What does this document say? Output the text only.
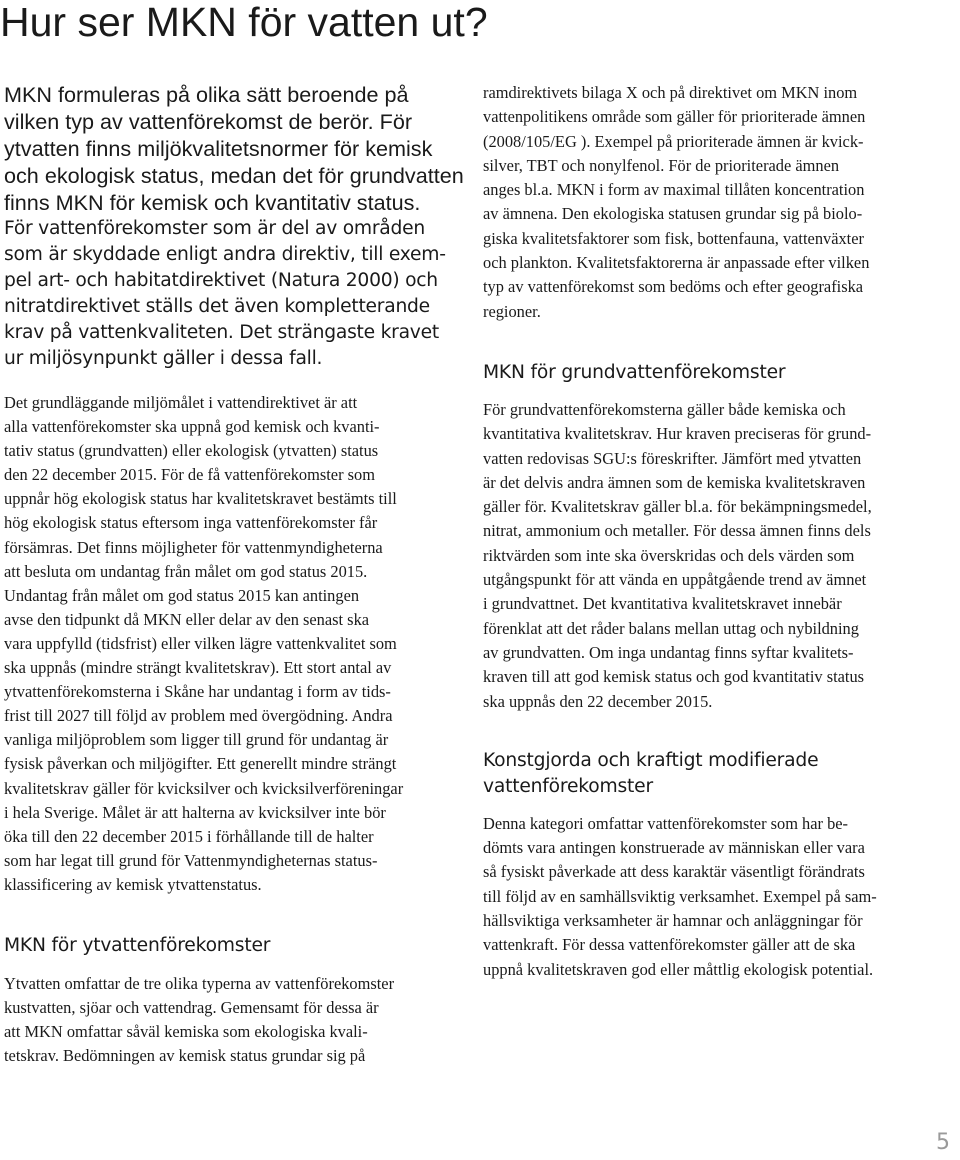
Hur ser MKN för vatten ut?
MKN formuleras på olika sätt beroende på
vilken typ av vattenförekomst de berör. För
ytvatten finns miljökvalitetsnormer för kemisk
och ekologisk status, medan det för grundvatten
finns MKN för kemisk och kvantitativ status.
För vattenförekomster som är del av områden
som är skyddade enligt andra direktiv, till exem-
pel art- och habitatdirektivet (Natura 2000) och
nitratdirektivet ställs det även kompletterande
krav på vattenkvaliteten. Det strängaste kravet
ur miljösynpunkt gäller i dessa fall.
Det grundläggande miljömålet i vattendirektivet är att
alla vattenförekomster ska uppnå god kemisk och kvanti-
tativ status (grundvatten) eller ekologisk (ytvatten) status
den 22 december 2015. För de få vattenförekomster som
uppnår hög ekologisk status har kvalitetskravet bestämts till
hög ekologisk status eftersom inga vattenförekomster får
försämras. Det finns möjligheter för vattenmyndigheterna
att besluta om undantag från målet om god status 2015.
Undantag från målet om god status 2015 kan antingen
avse den tidpunkt då MKN eller delar av den senast ska
vara uppfylld (tidsfrist) eller vilken lägre vattenkvalitet som
ska uppnås (mindre strängt kvalitetskrav). Ett stort antal av
ytvattenförekomsterna i Skåne har undantag i form av tids-
frist till 2027 till följd av problem med övergödning. Andra
vanliga miljöproblem som ligger till grund för undantag är
fysisk påverkan och miljögifter. Ett generellt mindre strängt
kvalitetskrav gäller för kvicksilver och kvicksilverföreningar
i hela Sverige. Målet är att halterna av kvicksilver inte bör
öka till den 22 december 2015 i förhållande till de halter
som har legat till grund för Vattenmyndigheternas status-
klassificering av kemisk ytvattenstatus.
MKN för ytvattenförekomster
Ytvatten omfattar de tre olika typerna av vattenförekomster
kustvatten, sjöar och vattendrag. Gemensamt för dessa är
att MKN omfattar såväl kemiska som ekologiska kvali-
tetskrav. Bedömningen av kemisk status grundar sig på
ramdirektivets bilaga X och på direktivet om MKN inom
vattenpolitikens område som gäller för prioriterade ämnen
(2008/105/EG ). Exempel på prioriterade ämnen är kvick-
silver, TBT och nonylfenol. För de prioriterade ämnen
anges bl.a. MKN i form av maximal tillåten koncentration
av ämnena. Den ekologiska statusen grundar sig på biolo-
giska kvalitetsfaktorer som fisk, bottenfauna, vattenväxter
och plankton. Kvalitetsfaktorerna är anpassade efter vilken
typ av vattenförekomst som bedöms och efter geografiska
regioner.
MKN för grundvattenförekomster
För grundvattenförekomsterna gäller både kemiska och
kvantitativa kvalitetskrav. Hur kraven preciseras för grund-
vatten redovisas SGU:s föreskrifter. Jämfört med ytvatten
är det delvis andra ämnen som de kemiska kvalitetskraven
gäller för. Kvalitetskrav gäller bl.a. för bekämpningsmedel,
nitrat, ammonium och metaller. För dessa ämnen finns dels
riktvärden som inte ska överskridas och dels värden som
utgångspunkt för att vända en uppåtgående trend av ämnet
i grundvattnet. Det kvantitativa kvalitetskravet innebär
förenklat att det råder balans mellan uttag och nybildning
av grundvatten. Om inga undantag finns syftar kvalitets-
kraven till att god kemisk status och god kvantitativ status
ska uppnås den 22 december 2015.
Konstgjorda och kraftigt modifierade
vattenförekomster
Denna kategori omfattar vattenförekomster som har be-
dömts vara antingen konstruerade av människan eller vara
så fysiskt påverkade att dess karaktär väsentligt förändrats
till följd av en samhällsviktig verksamhet. Exempel på sam-
hällsviktiga verksamheter är hamnar och anläggningar för
vattenkraft. För dessa vattenförekomster gäller att de ska
uppnå kvalitetskraven god eller måttlig ekologisk potential.
5
